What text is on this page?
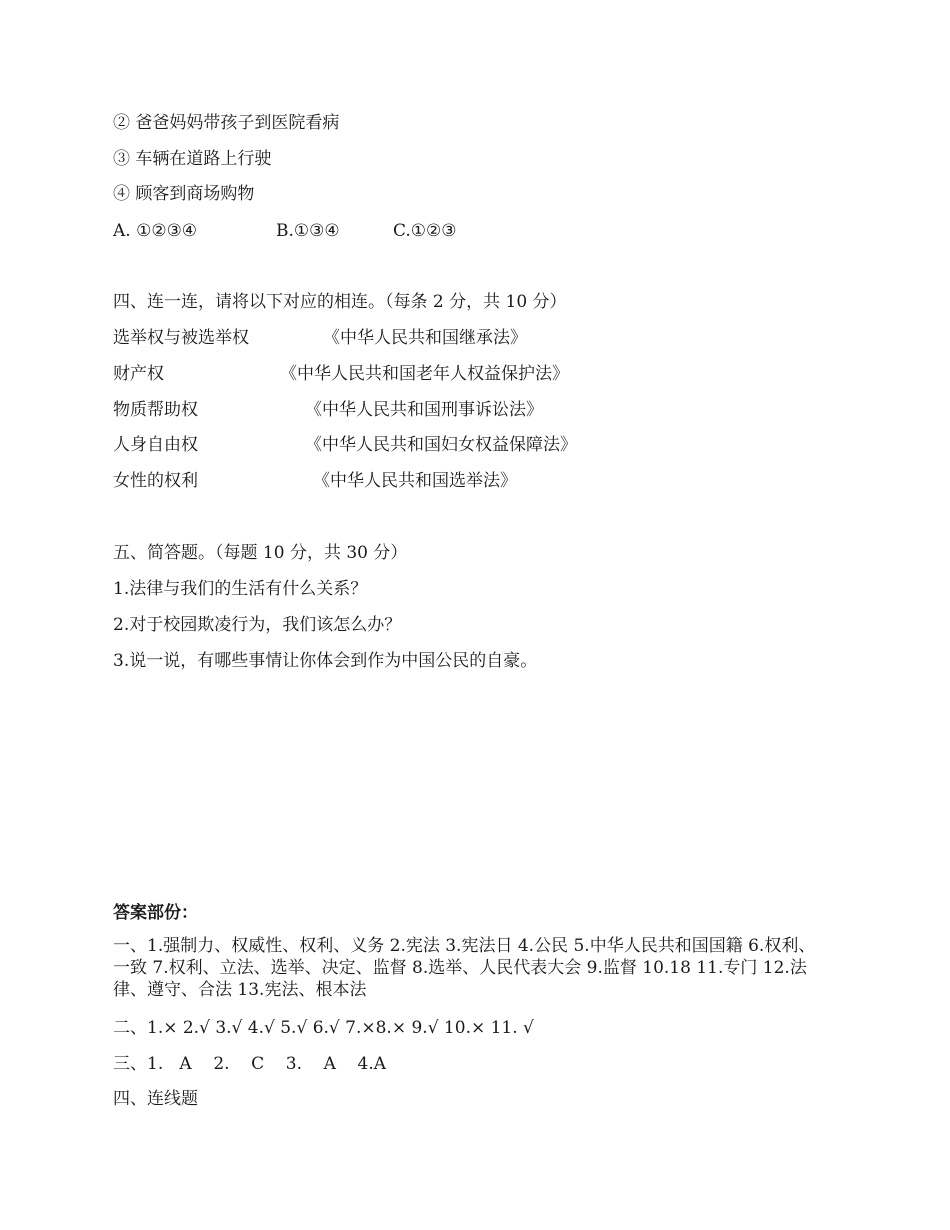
② 爸爸妈妈带孩子到医院看病
③ 车辆在道路上行驶
④ 顾客到商场购物
A. ①②③④	B.①③④	C.①②③
四、连一连，请将以下对应的相连。（每条 2 分，共 10 分）
选举权与被选举权	《中华人民共和国继承法》
财产权	《中华人民共和国老年人权益保护法》
物质帮助权	《中华人民共和国刑事诉讼法》
人身自由权	《中华人民共和国妇女权益保障法》
女性的权利	《中华人民共和国选举法》
五、简答题。（每题 10 分，共 30 分）
1.法律与我们的生活有什么关系？
2.对于校园欺凌行为，我们该怎么办？
3.说一说，有哪些事情让你体会到作为中国公民的自豪。
答案部份：
一、1.强制力、权威性、权利、义务 2.宪法 3.宪法日 4.公民 5.中华人民共和国国籍 6.权利、一致 7.权利、立法、选举、决定、监督 8.选举、人民代表大会 9.监督 10.18 11.专门 12.法律、遵守、合法 13.宪法、根本法
二、1.× 2.√ 3.√ 4.√ 5.√ 6.√ 7.×8.× 9.√ 10.× 11. √
三、1.   A    2.    C    3.    A    4.A
四、连线题
